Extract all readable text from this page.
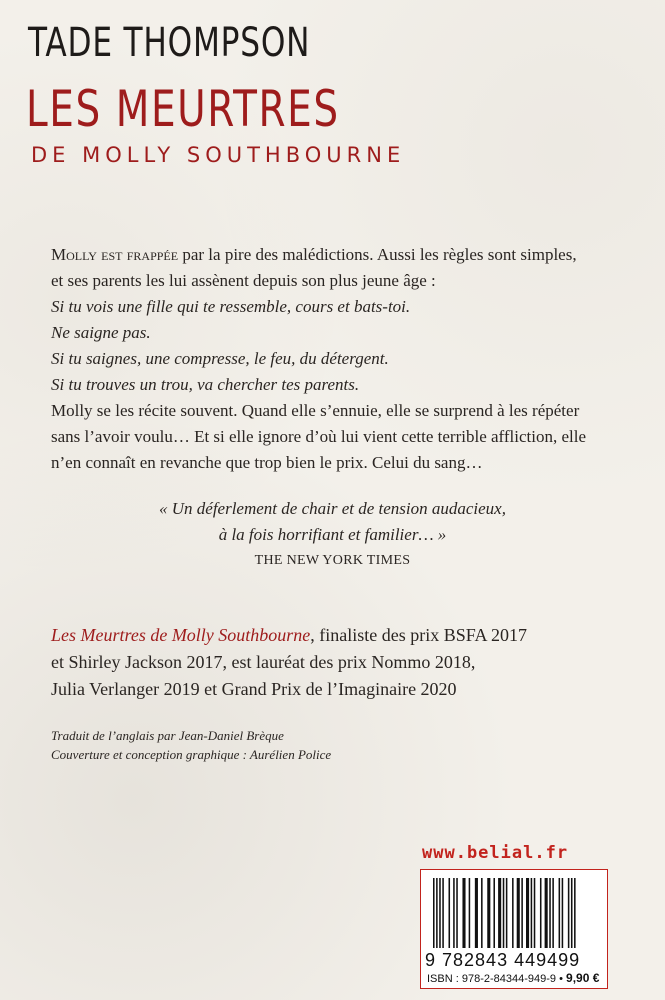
TADE THOMPSON
LES MEURTRES
DE MOLLY SOUTHBOURNE

Molly est frappée par la pire des malédictions. Aussi les règles sont simples,

et ses parents les lui assènent depuis son plus jeune âge :

Si tu vois une fille qui te ressemble, cours et bats-toi.

Ne saigne pas.

Si tu saignes, une compresse, le feu, du détergent.

Si tu trouves un trou, va chercher tes parents.

Molly se les récite souvent. Quand elle s’ennuie, elle se surprend à les répéter

sans l’avoir voulu… Et si elle ignore d’où lui vient cette terrible affliction, elle

n’en connaît en revanche que trop bien le prix. Celui du sang…

« Un déferlement de chair et de tension audacieux,
à la fois horrifiant et familier… »
THE NEW YORK TIMES
Les Meurtres de Molly Southbourne, finaliste des prix BSFA 2017
et Shirley Jackson 2017, est lauréat des prix Nommo 2018,
Julia Verlanger 2019 et Grand Prix de l’Imaginaire 2020
Traduit de l’anglais par Jean-Daniel Brèque
Couverture et conception graphique : Aurélien Police
www.belial.fr
9 782843 449499
ISBN : 978-2-84344-949-9 • 9,90 €
